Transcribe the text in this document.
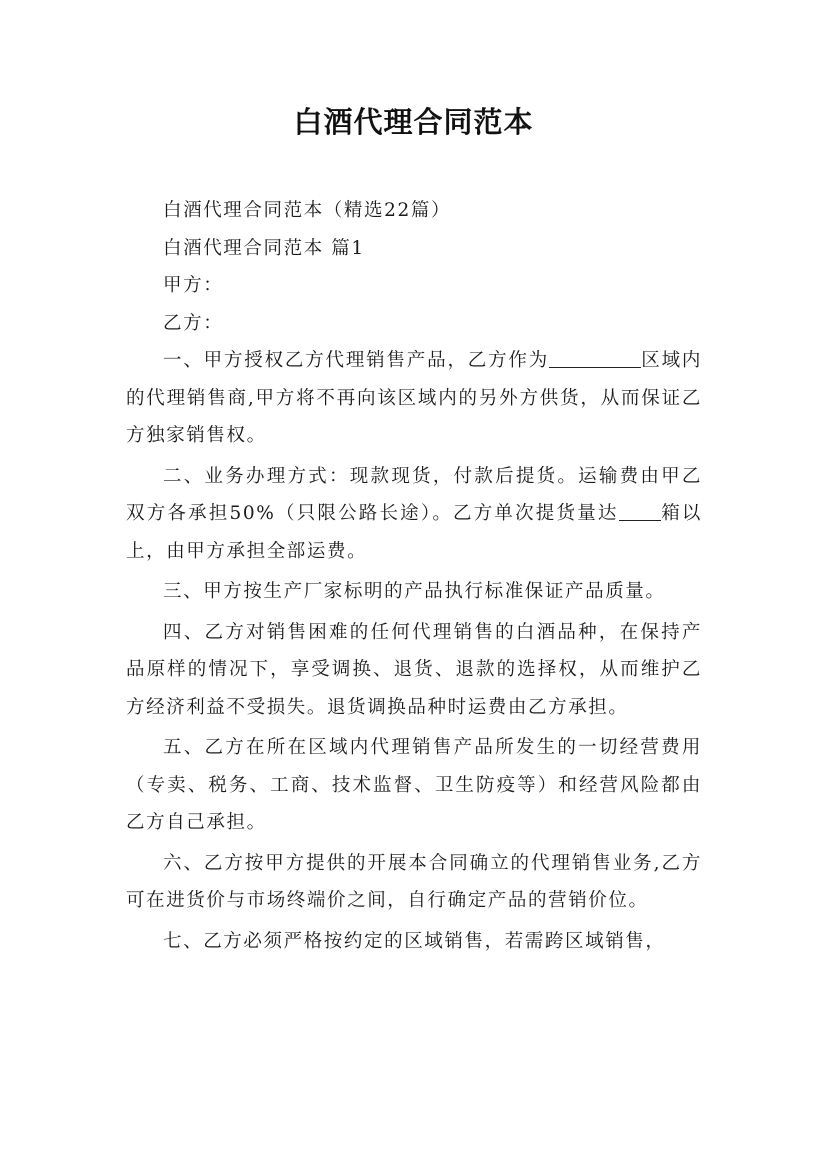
白酒代理合同范本

白酒代理合同范本（精选22篇）

白酒代理合同范本 篇1

甲方：

乙方：

一、甲方授权乙方代理销售产品，乙方作为	区域内的代理销售商,甲方将不再向该区域内的另外方供货，从而保证乙方独家销售权。

二、业务办理方式：现款现货，付款后提货。运输费由甲乙双方各承担50%（只限公路长途）。乙方单次提货量达 箱以上，由甲方承担全部运费。

三、甲方按生产厂家标明的产品执行标准保证产品质量。

四、乙方对销售困难的任何代理销售的白酒品种，在保持产品原样的情况下，享受调换、退货、退款的选择权，从而维护乙方经济利益不受损失。退货调换品种时运费由乙方承担。

五、乙方在所在区域内代理销售产品所发生的一切经营费用（专卖、税务、工商、技术监督、卫生防疫等）和经营风险都由乙方自己承担。

六、乙方按甲方提供的开展本合同确立的代理销售业务,乙方可在进货价与市场终端价之间，自行确定产品的营销价位。

七、乙方必须严格按约定的区域销售，若需跨区域销售，
